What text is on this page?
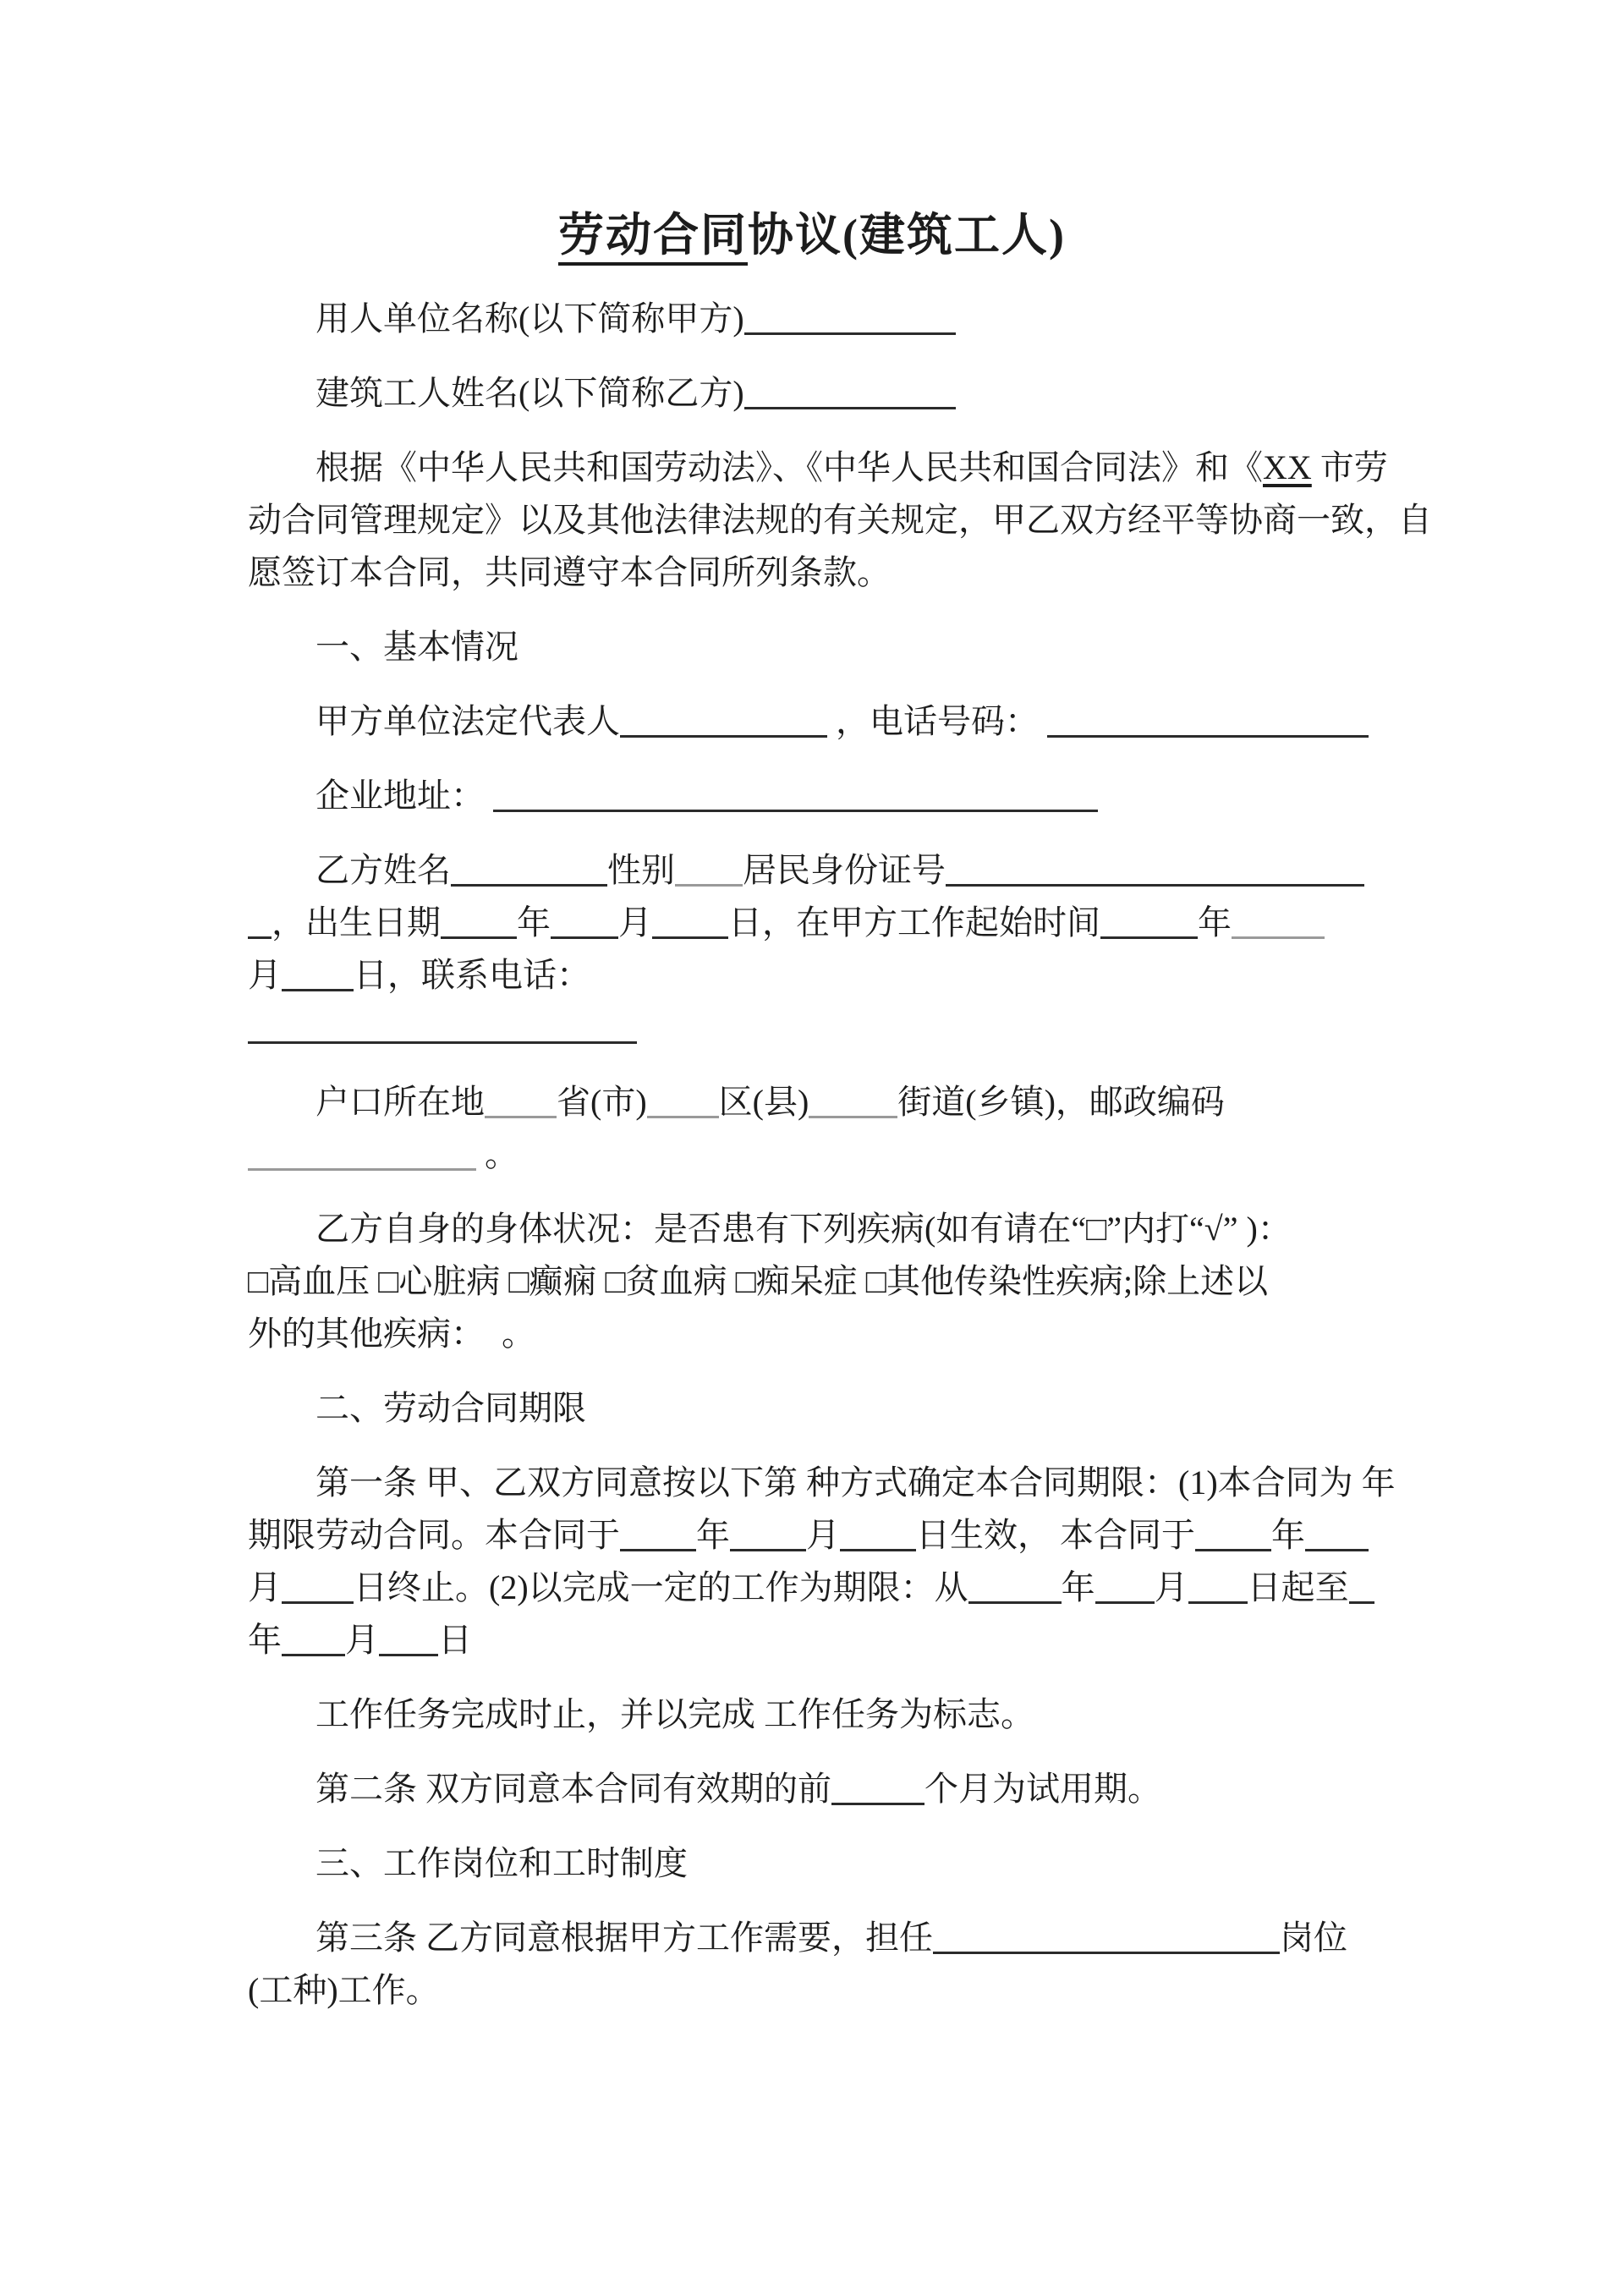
劳动合同协议(建筑工人)
用人单位名称(以下简称甲方)
建筑工人姓名(以下简称乙方)
根据《中华人民共和国劳动法》、《中华人民共和国合同法》和《XX 市劳
动合同管理规定》以及其他法律法规的有关规定，甲乙双方经平等协商一致，自
愿签订本合同，共同遵守本合同所列条款。
一、基本情况
甲方单位法定代表人	，电话号码：
企业地址：
乙方姓名	性别 居民身份证号
，出生日期 年 月 日，在甲方工作起始时间	年
月 日，联系电话：
户口所在地 省(市) 区(县)	街道(乡镇)，邮政编码
。
乙方自身的身体状况：是否患有下列疾病(如有请在“□”内打“√” )：
□高血压 □心脏病 □癫痫 □贫血病 □痴呆症 □其他传染性疾病;除上述以
外的其他疾病：  。
二、劳动合同期限
第一条 甲、乙双方同意按以下第 种方式确定本合同期限：(1)本合同为 年
期限劳动合同。本合同于 年 月 日生效， 本合同于 年
月 日终止。(2)以完成一定的工作为期限：从	年 月 日起至
年 月 日
工作任务完成时止，并以完成 工作任务为标志。
第二条 双方同意本合同有效期的前	个月为试用期。
三、工作岗位和工时制度
第三条 乙方同意根据甲方工作需要，担任	岗位
(工种)工作。
